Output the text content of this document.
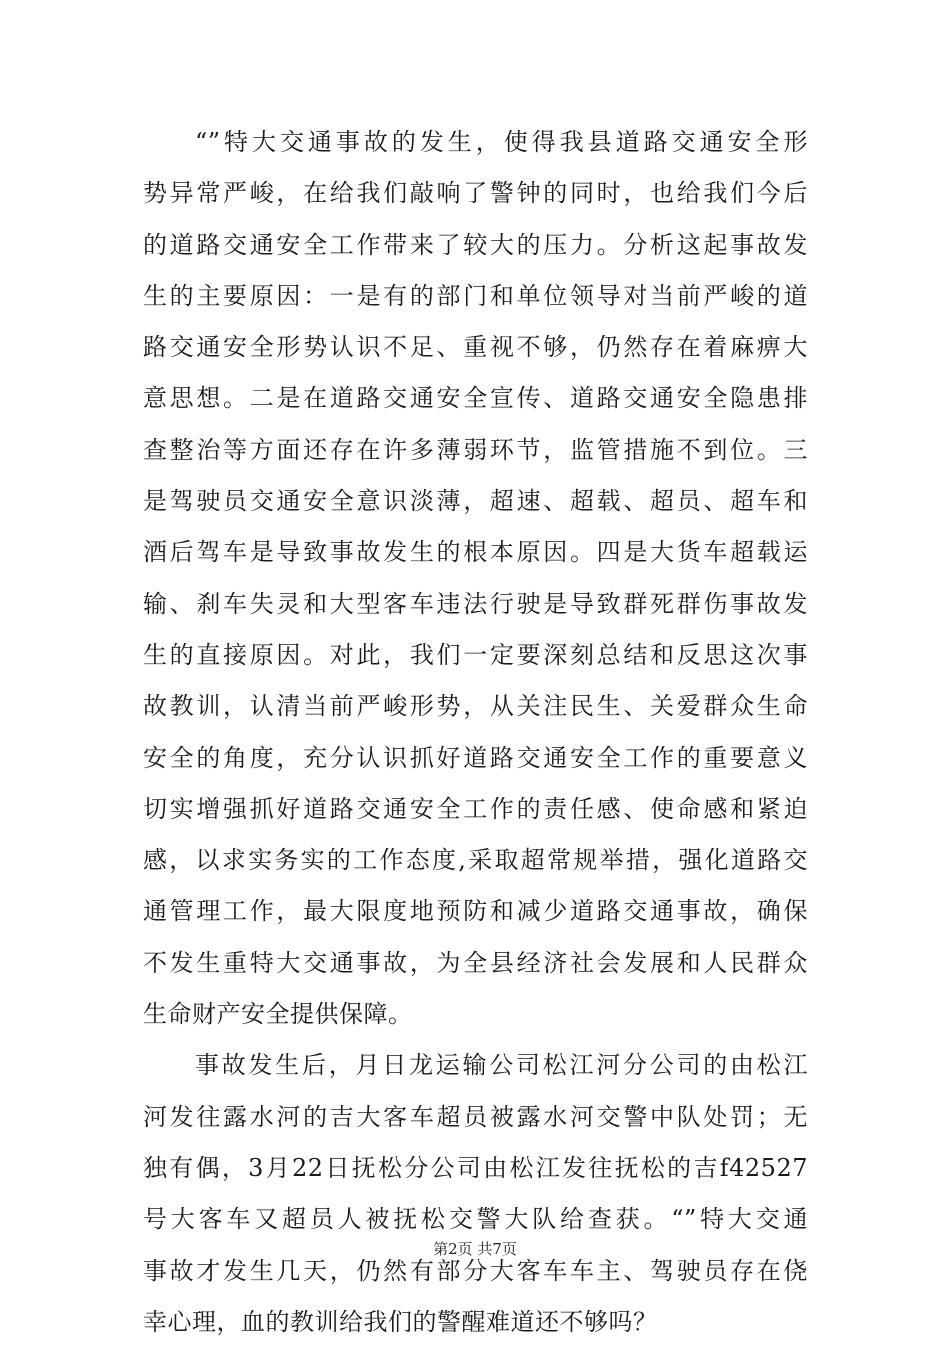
“”特大交通事故的发生，使得我县道路交通安全形
势异常严峻，在给我们敲响了警钟的同时，也给我们今后
的道路交通安全工作带来了较大的压力。分析这起事故发
生的主要原因：一是有的部门和单位领导对当前严峻的道
路交通安全形势认识不足、重视不够，仍然存在着麻痹大
意思想。二是在道路交通安全宣传、道路交通安全隐患排
查整治等方面还存在许多薄弱环节，监管措施不到位。三
是驾驶员交通安全意识淡薄，超速、超载、超员、超车和
酒后驾车是导致事故发生的根本原因。四是大货车超载运
输、刹车失灵和大型客车违法行驶是导致群死群伤事故发
生的直接原因。对此，我们一定要深刻总结和反思这次事
故教训，认清当前严峻形势，从关注民生、关爱群众生命
安全的角度，充分认识抓好道路交通安全工作的重要意义
切实增强抓好道路交通安全工作的责任感、使命感和紧迫
感，以求实务实的工作态度,采取超常规举措，强化道路交
通管理工作，最大限度地预防和减少道路交通事故，确保
不发生重特大交通事故，为全县经济社会发展和人民群众
生命财产安全提供保障。
事故发生后，月日龙运输公司松江河分公司的由松江
河发往露水河的吉大客车超员被露水河交警中队处罚；无
独有偶，3月22日抚松分公司由松江发往抚松的吉f42527
号大客车又超员人被抚松交警大队给查获。“”特大交通
事故才发生几天，仍然有部分大客车车主、驾驶员存在侥
幸心理，血的教训给我们的警醒难道还不够吗？
第2页 共7页
